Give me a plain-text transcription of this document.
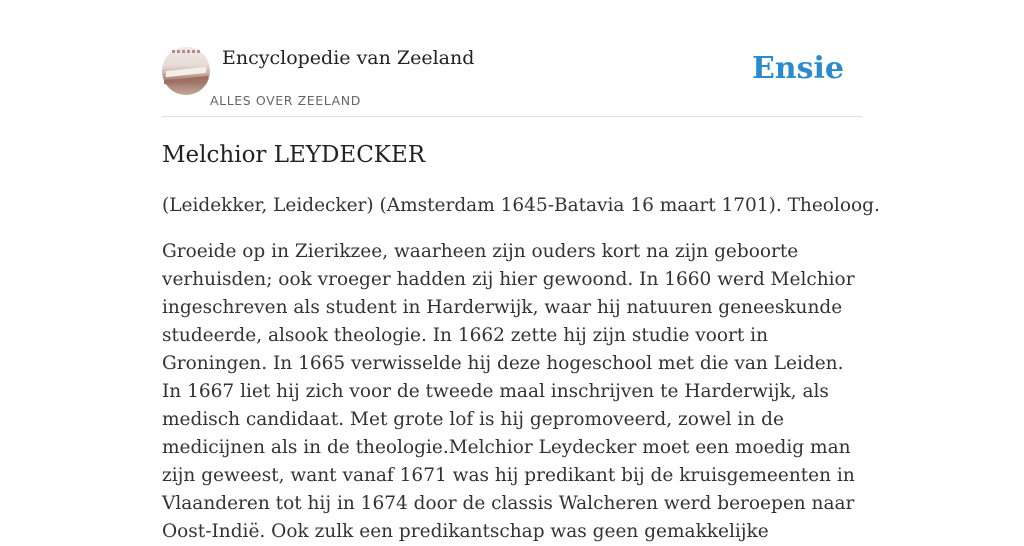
Encyclopedie van Zeeland
ALLES OVER ZEELAND
Ensie
Melchior LEYDECKER

(Leidekker, Leidecker) (Amsterdam 1645-Batavia 16 maart 1701). Theoloog.

Groeide op in Zierikzee, waarheen zijn ouders kort na zijn geboorte verhuisden; ook vroeger hadden zij hier gewoond. In 1660 werd Melchior ingeschreven als student in Harderwijk, waar hij natuuren geneeskunde studeerde, alsook theologie. In 1662 zette hij zijn studie voort in Groningen. In 1665 verwisselde hij deze hogeschool met die van Leiden. In 1667 liet hij zich voor de tweede maal inschrijven te Harderwijk, als medisch candidaat. Met grote lof is hij gepromoveerd, zowel in de medicijnen als in de theologie.Melchior Leydecker moet een moedig man zijn geweest, want vanaf 1671 was hij predikant bij de kruisgemeenten in Vlaanderen tot hij in 1674 door de classis Walcheren werd beroepen naar Oost-Indië. Ook zulk een predikantschap was geen gemakkelijke
